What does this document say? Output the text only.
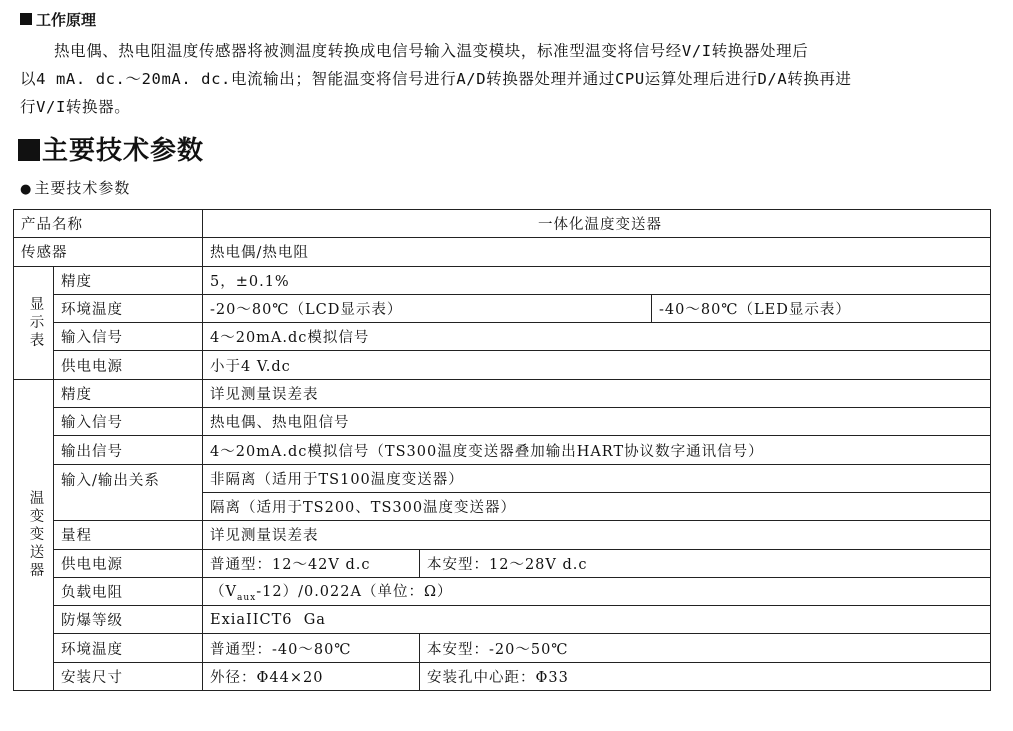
工作原理
热电偶、热电阻温度传感器将被测温度转换成电信号输入温变模块，标准型温变将信号经V/I转换器处理后
以4 mA. dc.～20mA. dc.电流输出；智能温变将信号进行A/D转换器处理并通过CPU运算处理后进行D/A转换再进
行V/I转换器。
主要技术参数
● 主要技术参数
产品名称		一体化温度变送器		
传感器		热电偶/热电阻		

显示表	精度	5，±0.1%		
	环境温度	-20～80℃（LCD显示表）		-40～80℃（LED显示表）
	输入信号	4～20mA.dc模拟信号		
	供电电源	小于4 V.dc		

温变变送器	精度	详见测量误差表		
	输入信号	热电偶、热电阻信号		
	输出信号	4～20mA.dc模拟信号（TS300温度变送器叠加输出HART协议数字通讯信号）		
	输入/输出关系	非隔离（适用于TS100温度变送器）		
		隔离（适用于TS200、TS300温度变送器）		
	量程	详见测量误差表		
	供电电源	普通型：12～42V d.c	本安型：12～28V d.c	
	负载电阻	$(V_{aux}-12)/0.022A$（单位：Ω）		
	防爆等级	ExiaIICT6  Ga		
	环境温度	普通型：-40～80℃	本安型：-20～50℃	
	安装尺寸	外径：Φ44×20	安装孔中心距：Φ33	
